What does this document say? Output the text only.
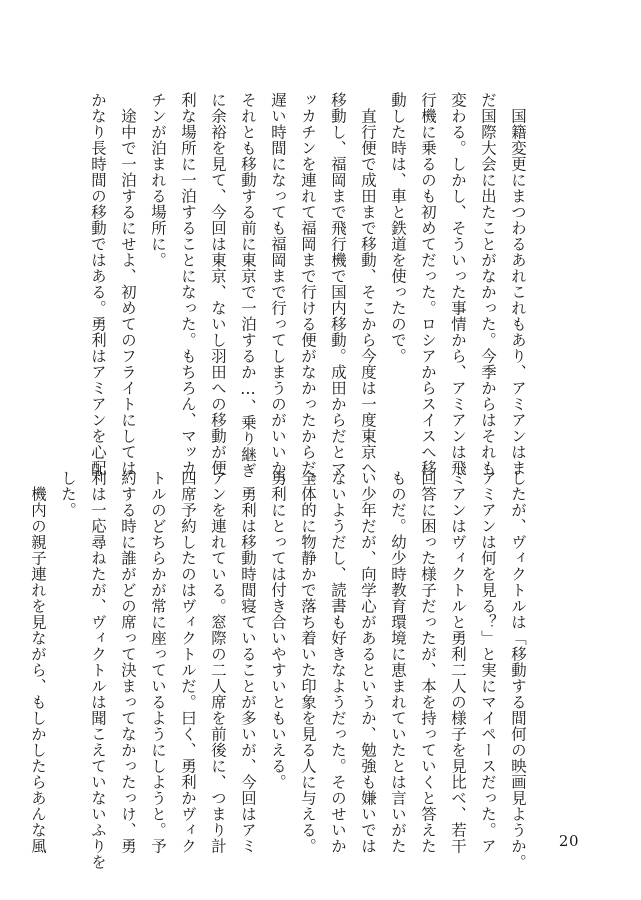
　国籍変更にまつわるあれこれもあり、アミアンはま
だ国際大会に出たことがなかった。今季からはそれも
変わる。しかし、そういった事情から、アミアンは飛
行機に乗るのも初めてだった。ロシアからスイスへ移
動した時は、車と鉄道を使ったので。
　直行便で成田まで移動、そこから今度は一度東京へ
移動し、福岡まで飛行機で国内移動。成田からだとマ
ッカチンを連れて福岡まで行ける便がなかったからだ。
遅い時間になっても福岡まで行ってしまうのがいいか、
それとも移動する前に東京で一泊するか…、乗り継ぎ
に余裕を見て、今回は東京、ないし羽田への移動が便
利な場所に一泊することになった。もちろん、マッカ
チンが泊まれる場所に。
　途中で一泊するにせよ、初めてのフライトにしては
かなり長時間の移動ではある。勇利はアミアンを心配
したが、ヴィクトルは「移動する間何の映画見ようか。
アミアンは何を見る？」と実にマイペースだった。ア
ミアンはヴィクトルと勇利二人の様子を見比べ、若干
回答に困った様子だったが、本を持っていくと答えた
ものだ。幼少時教育環境に恵まれていたとは言いがた
い少年だが、向学心があるというか、勉強も嫌いでは
ないようだし、読書も好きなようだった。そのせいか
全体的に物静かで落ち着いた印象を見る人に与える。
勇利にとっては付き合いやすいともいえる。
　勇利は移動時間寝ていることが多いが、今回はアミ
アンを連れている。窓際の二人席を前後に、つまり計
四席予約したのはヴィクトルだ。曰く、勇利かヴィク
トルのどちらかが常に座っているようにしようと。予
約する時に誰がどの席って決まってなかったっけ、勇
利は一応尋ねたが、ヴィクトルは聞こえていないふりを
した。
　機内の親子連れを見ながら、もしかしたらあんな風	20
